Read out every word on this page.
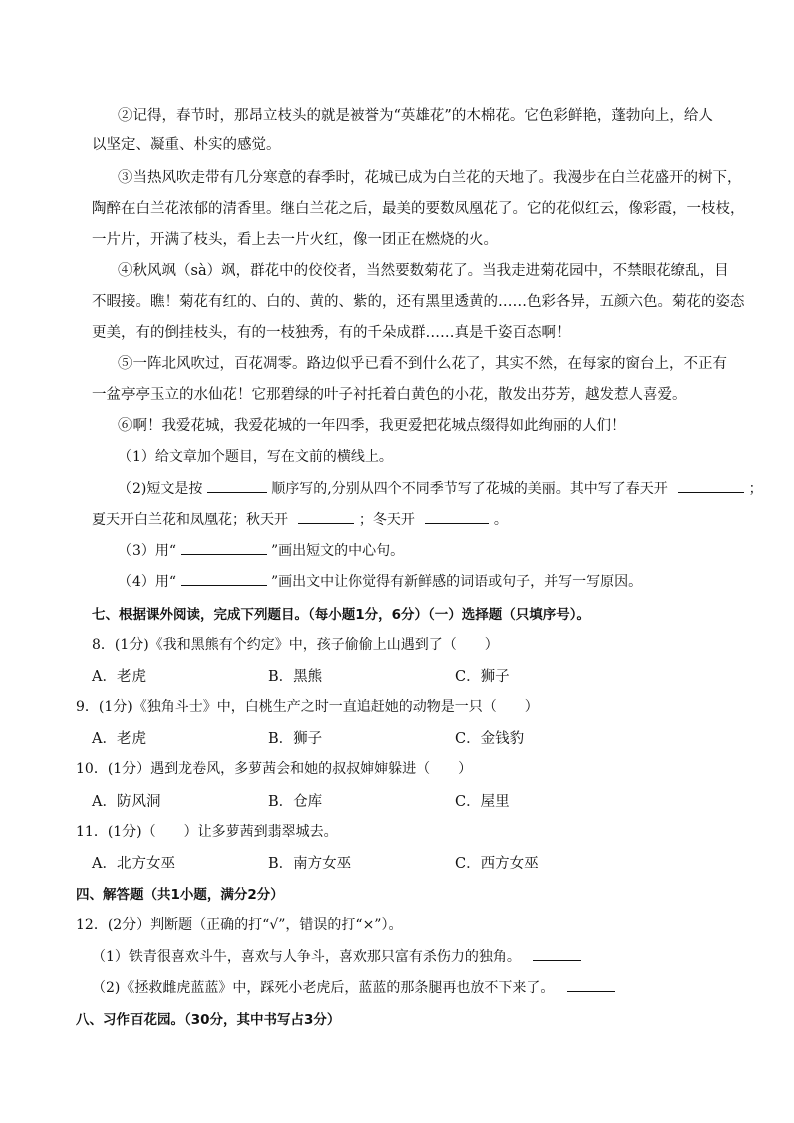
②记得，春节时，那昂立枝头的就是被誉为“英雄花”的木棉花。它色彩鲜艳，蓬勃向上，给人
以坚定、凝重、朴实的感觉。
③当热风吹走带有几分寒意的春季时，花城已成为白兰花的天地了。我漫步在白兰花盛开的树下，
陶醉在白兰花浓郁的清香里。继白兰花之后，最美的要数凤凰花了。它的花似红云，像彩霞，一枝枝，
一片片，开满了枝头，看上去一片火红，像一团正在燃烧的火。
④秋风飒（sà）飒，群花中的佼佼者，当然要数菊花了。当我走进菊花园中，不禁眼花缭乱，目
不暇接。瞧！菊花有红的、白的、黄的、紫的，还有黑里透黄的……色彩各异，五颜六色。菊花的姿态
更美，有的倒挂枝头，有的一枝独秀，有的千朵成群……真是千姿百态啊！
⑤一阵北风吹过，百花凋零。路边似乎已看不到什么花了，其实不然，在每家的窗台上，不正有
一盆亭亭玉立的水仙花！它那碧绿的叶子衬托着白黄色的小花，散发出芬芳，越发惹人喜爱。
⑥啊！我爱花城，我爱花城的一年四季，我更爱把花城点缀得如此绚丽的人们！
（1）给文章加个题目，写在文前的横线上。
（2)短文是按	顺序写的,分别从四个不同季节写了花城的美丽。其中写了春天开	；
夏天开白兰花和凤凰花；秋天开	；冬天开	。
（3）用“	”画出短文的中心句。
（4）用“	”画出文中让你觉得有新鲜感的词语或句子，并写一写原因。
七、根据课外阅读，完成下列题目。（每小题1分，6分）（一）选择题（只填序号）。
8．(1分)《我和黑熊有个约定》中，孩子偷偷上山遇到了（　　）
A．老虎	B．黑熊	C．狮子
9．(1分)《独角斗士》中，白桃生产之时一直追赶她的动物是一只（　　）
A．老虎	B．狮子	C．金钱豹
10．(1分）遇到龙卷风，多萝茜会和她的叔叔婶婶躲进（　　）
A．防风洞	B．仓库	C．屋里
11．(1分)（　　）让多萝茜到翡翠城去。
A．北方女巫	B．南方女巫	C．西方女巫
四、解答题（共1小题，满分2分）
12．(2分）判断题（正确的打“√”，错误的打“×”）。
（1）铁青很喜欢斗牛，喜欢与人争斗，喜欢那只富有杀伤力的独角。
（2)《拯救雌虎蓝蓝》中，踩死小老虎后，蓝蓝的那条腿再也放不下来了。
八、习作百花园。（30分，其中书写占3分）
